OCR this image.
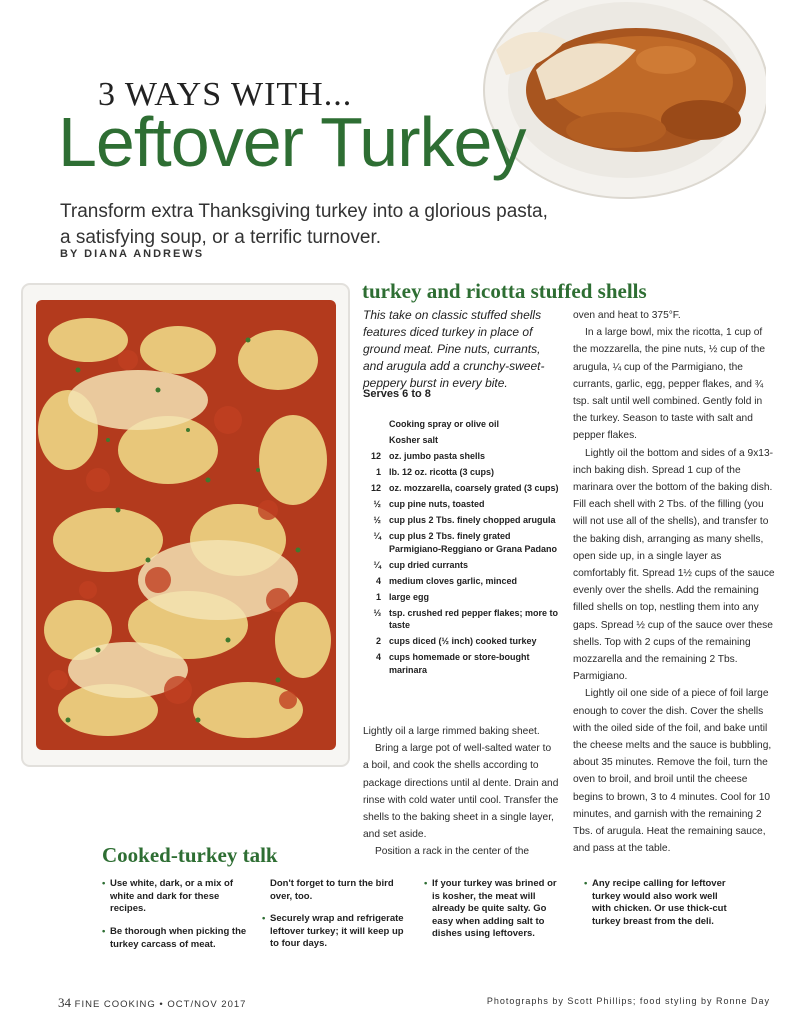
3 WAYS WITH...
Leftover Turkey

Transform extra Thanksgiving turkey into a glorious pasta, a satisfying soup, or a terrific turnover.

BY DIANA ANDREWS
turkey and ricotta stuffed shells

This take on classic stuffed shells features diced turkey in place of ground meat. Pine nuts, currants, and arugula add a crunchy-sweet-peppery burst in every bite.

Serves 6 to 8
Cooking spray or olive oil
Kosher salt
12 oz. jumbo pasta shells
1 lb. 12 oz. ricotta (3 cups)
12 oz. mozzarella, coarsely grated (3 cups)
½ cup pine nuts, toasted
½ cup plus 2 Tbs. finely chopped arugula
¼ cup plus 2 Tbs. finely grated Parmigiano-Reggiano or Grana Padano
¼ cup dried currants
4 medium cloves garlic, minced
1 large egg
⅓ tsp. crushed red pepper flakes; more to taste
2 cups diced (½ inch) cooked turkey
4 cups homemade or store-bought marinara

Lightly oil a large rimmed baking sheet.

Bring a large pot of well-salted water to a boil, and cook the shells according to package directions until al dente. Drain and rinse with cold water until cool. Transfer the shells to the baking sheet in a single layer, and set aside.

Position a rack in the center of the

oven and heat to 375°F.

In a large bowl, mix the ricotta, 1 cup of the mozzarella, the pine nuts, ½ cup of the arugula, ¼ cup of the Parmigiano, the currants, garlic, egg, pepper flakes, and ¾ tsp. salt until well combined. Gently fold in the turkey. Season to taste with salt and pepper flakes.

Lightly oil the bottom and sides of a 9x13-inch baking dish. Spread 1 cup of the marinara over the bottom of the baking dish. Fill each shell with 2 Tbs. of the filling (you will not use all of the shells), and transfer to the baking dish, arranging as many shells, open side up, in a single layer as comfortably fit. Spread 1½ cups of the sauce evenly over the shells. Add the remaining filled shells on top, nestling them into any gaps. Spread ½ cup of the sauce over these shells. Top with 2 cups of the remaining mozzarella and the remaining 2 Tbs. Parmigiano.

Lightly oil one side of a piece of foil large enough to cover the dish. Cover the shells with the oiled side of the foil, and bake until the cheese melts and the sauce is bubbling, about 35 minutes. Remove the foil, turn the oven to broil, and broil until the cheese begins to brown, 3 to 4 minutes. Cool for 10 minutes, and garnish with the remaining 2 Tbs. of arugula. Heat the remaining sauce, and pass at the table.

Cooked-turkey talk
• Use white, dark, or a mix of white and dark for these recipes.
• Be thorough when picking the turkey carcass of meat.
Don't forget to turn the bird over, too.
• Securely wrap and refrigerate leftover turkey; it will keep up to four days.
• If your turkey was brined or is kosher, the meat will already be quite salty. Go easy when adding salt to dishes using leftovers.
• Any recipe calling for leftover turkey would also work well with chicken. Or use thick-cut turkey breast from the deli.
34 FINE COOKING • OCT/NOV 2017	Photographs by Scott Phillips; food styling by Ronne Day
